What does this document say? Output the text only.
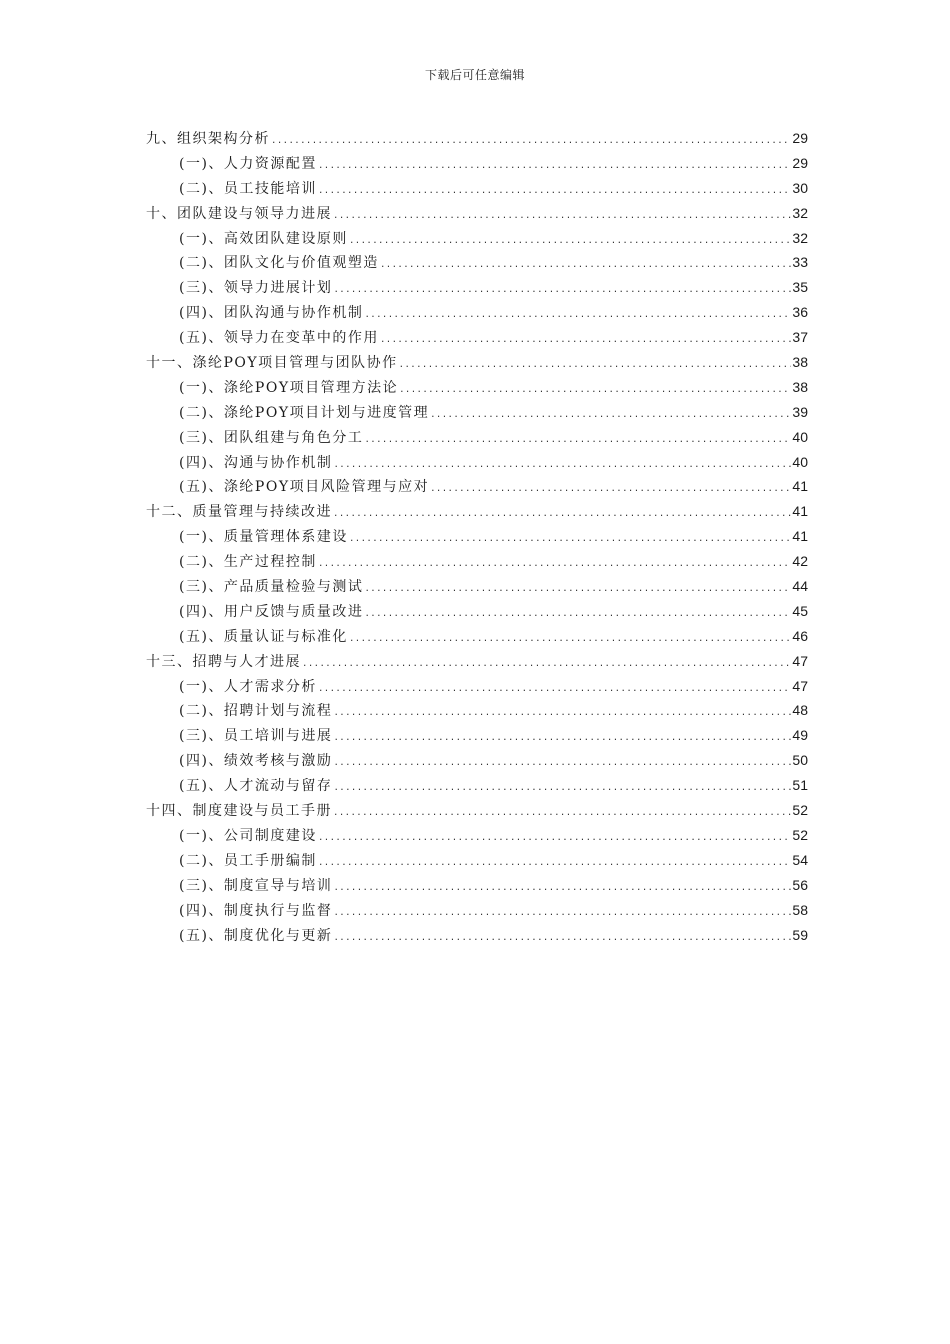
下载后可任意编辑
九、组织架构分析 .....	29
(一)、人力资源配置 .....	29
(二)、员工技能培训 .....	30
十、团队建设与领导力进展 .....	32
(一)、高效团队建设原则 .....	32
(二)、团队文化与价值观塑造 .....	33
(三)、领导力进展计划 .....	35
(四)、团队沟通与协作机制 .....	36
(五)、领导力在变革中的作用 .....	37
十一、涤纶POY项目管理与团队协作 .....	38
(一)、涤纶POY项目管理方法论 .....	38
(二)、涤纶POY项目计划与进度管理 .....	39
(三)、团队组建与角色分工 .....	40
(四)、沟通与协作机制 .....	40
(五)、涤纶POY项目风险管理与应对 .....	41
十二、质量管理与持续改进 .....	41
(一)、质量管理体系建设 .....	41
(二)、生产过程控制 .....	42
(三)、产品质量检验与测试 .....	44
(四)、用户反馈与质量改进 .....	45
(五)、质量认证与标准化 .....	46
十三、招聘与人才进展 .....	47
(一)、人才需求分析 .....	47
(二)、招聘计划与流程 .....	48
(三)、员工培训与进展 .....	49
(四)、绩效考核与激励 .....	50
(五)、人才流动与留存 .....	51
十四、制度建设与员工手册 .....	52
(一)、公司制度建设 .....	52
(二)、员工手册编制 .....	54
(三)、制度宣导与培训 .....	56
(四)、制度执行与监督 .....	58
(五)、制度优化与更新 .....	59
